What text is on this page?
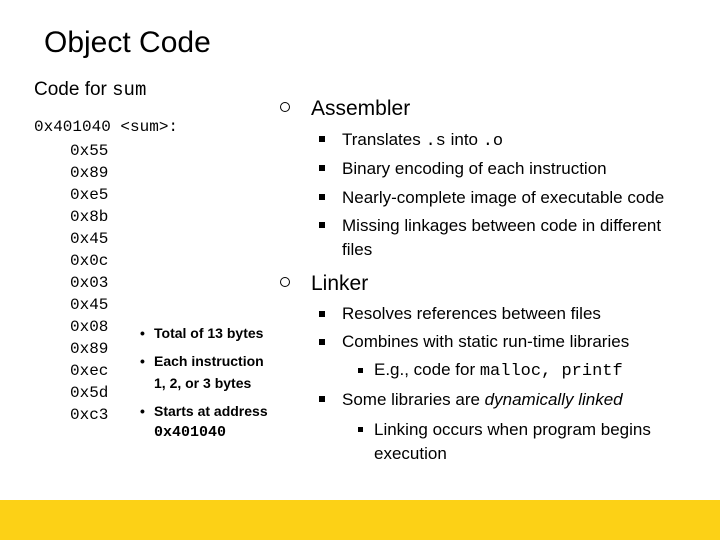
Object Code
Code for sum
0x401040 <sum>:
0x55
0x89
0xe5
0x8b
0x45
0x0c
0x03
0x45
0x08
0x89
0xec
0x5d
0xc3
• Total of 13 bytes
• Each instruction
1, 2, or 3 bytes
• Starts at address
0x401040
Assembler
Translates .s into .o
Binary encoding of each instruction
Nearly-complete image of executable code
Missing linkages between code in different
files
Linker
Resolves references between files
Combines with static run-time libraries
E.g., code for malloc, printf
Some libraries are dynamically linked
Linking occurs when program begins
execution
